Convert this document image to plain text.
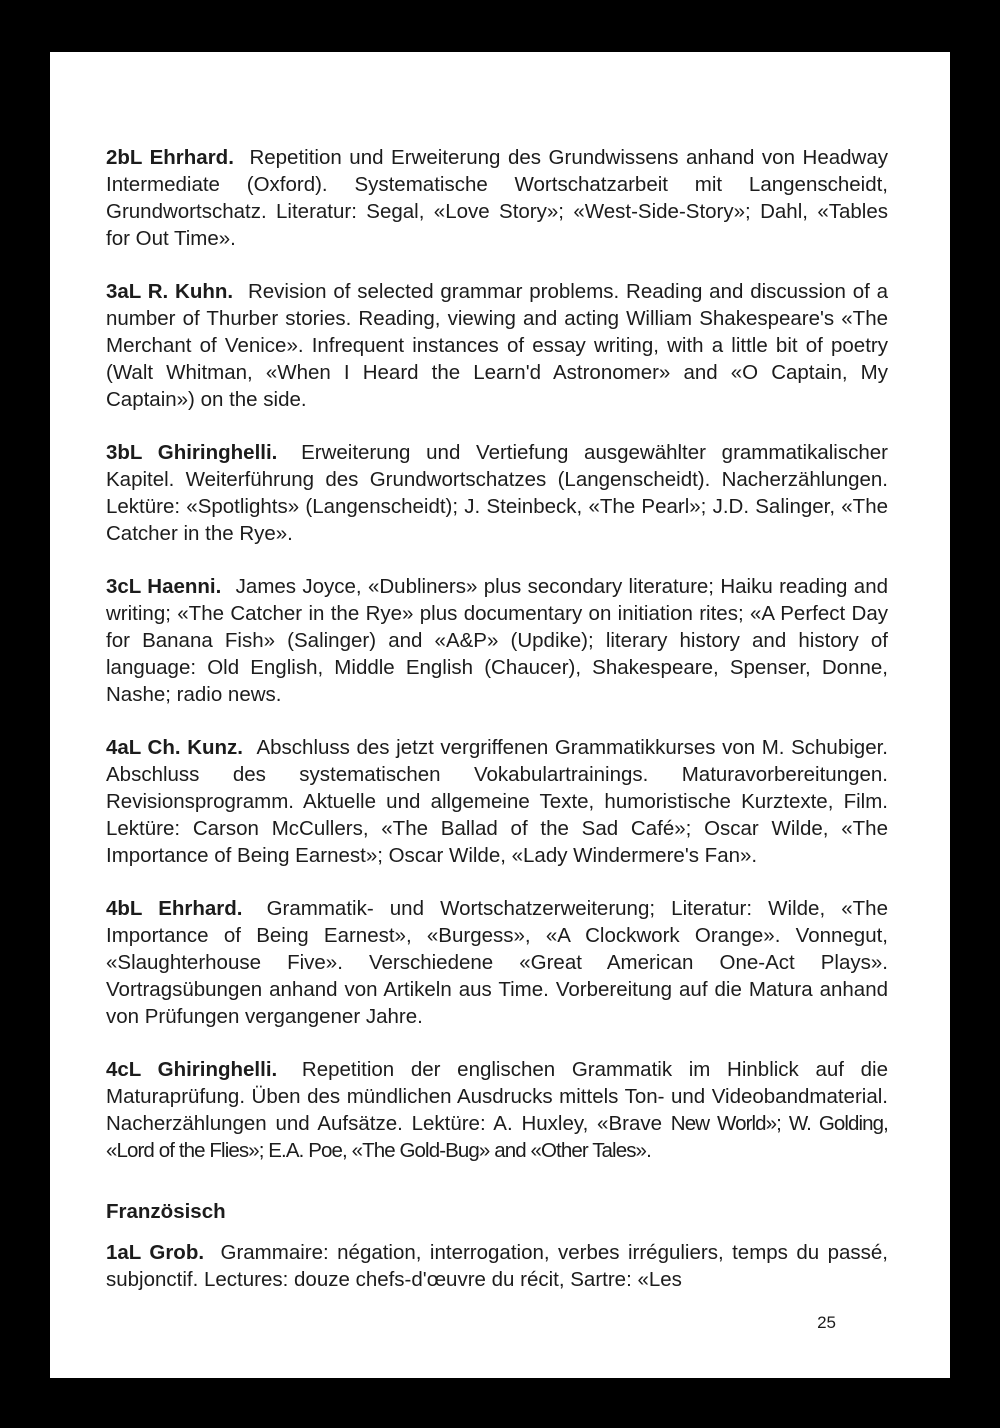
2bL Ehrhard. Repetition und Erweiterung des Grundwissens anhand von Headway Intermediate (Oxford). Systematische Wortschatzarbeit mit Langenscheidt, Grundwortschatz. Literatur: Segal, «Love Story»; «West-Side-Story»; Dahl, «Tables for Out Time».

3aL R. Kuhn. Revision of selected grammar problems. Reading and discussion of a number of Thurber stories. Reading, viewing and acting William Shakespeare's «The Merchant of Venice». Infrequent instances of essay writing, with a little bit of poetry (Walt Whitman, «When I Heard the Learn'd Astronomer» and «O Captain, My Captain») on the side.

3bL Ghiringhelli. Erweiterung und Vertiefung ausgewählter grammatikalischer Kapitel. Weiterführung des Grundwortschatzes (Langenscheidt). Nacherzählungen. Lektüre: «Spotlights» (Langenscheidt); J. Steinbeck, «The Pearl»; J.D. Salinger, «The Catcher in the Rye».

3cL Haenni. James Joyce, «Dubliners» plus secondary literature; Haiku reading and writing; «The Catcher in the Rye» plus documentary on initiation rites; «A Perfect Day for Banana Fish» (Salinger) and «A&P» (Updike); literary history and history of language: Old English, Middle English (Chaucer), Shakespeare, Spenser, Donne, Nashe; radio news.

4aL Ch. Kunz. Abschluss des jetzt vergriffenen Grammatikkurses von M. Schubiger. Abschluss des systematischen Vokabulartrainings. Maturavorbereitungen. Revisionsprogramm. Aktuelle und allgemeine Texte, humoristische Kurztexte, Film. Lektüre: Carson McCullers, «The Ballad of the Sad Café»; Oscar Wilde, «The Importance of Being Earnest»; Oscar Wilde, «Lady Windermere's Fan».

4bL Ehrhard. Grammatik- und Wortschatzerweiterung; Literatur: Wilde, «The Importance of Being Earnest», «Burgess», «A Clockwork Orange». Vonnegut, «Slaughterhouse Five». Verschiedene «Great American One-Act Plays». Vortragsübungen anhand von Artikeln aus Time. Vorbereitung auf die Matura anhand von Prüfungen vergangener Jahre.

4cL Ghiringhelli. Repetition der englischen Grammatik im Hinblick auf die Maturaprüfung. Üben des mündlichen Ausdrucks mittels Ton- und Videobandmaterial. Nacherzählungen und Aufsätze. Lektüre: A. Huxley, «Brave New World»; W. Golding, «Lord of the Flies»; E.A. Poe, «The Gold-Bug» and «Other Tales».

Französisch

1aL Grob. Grammaire: négation, interrogation, verbes irréguliers, temps du passé, subjonctif. Lectures: douze chefs-d'œuvre du récit, Sartre: «Les

25
